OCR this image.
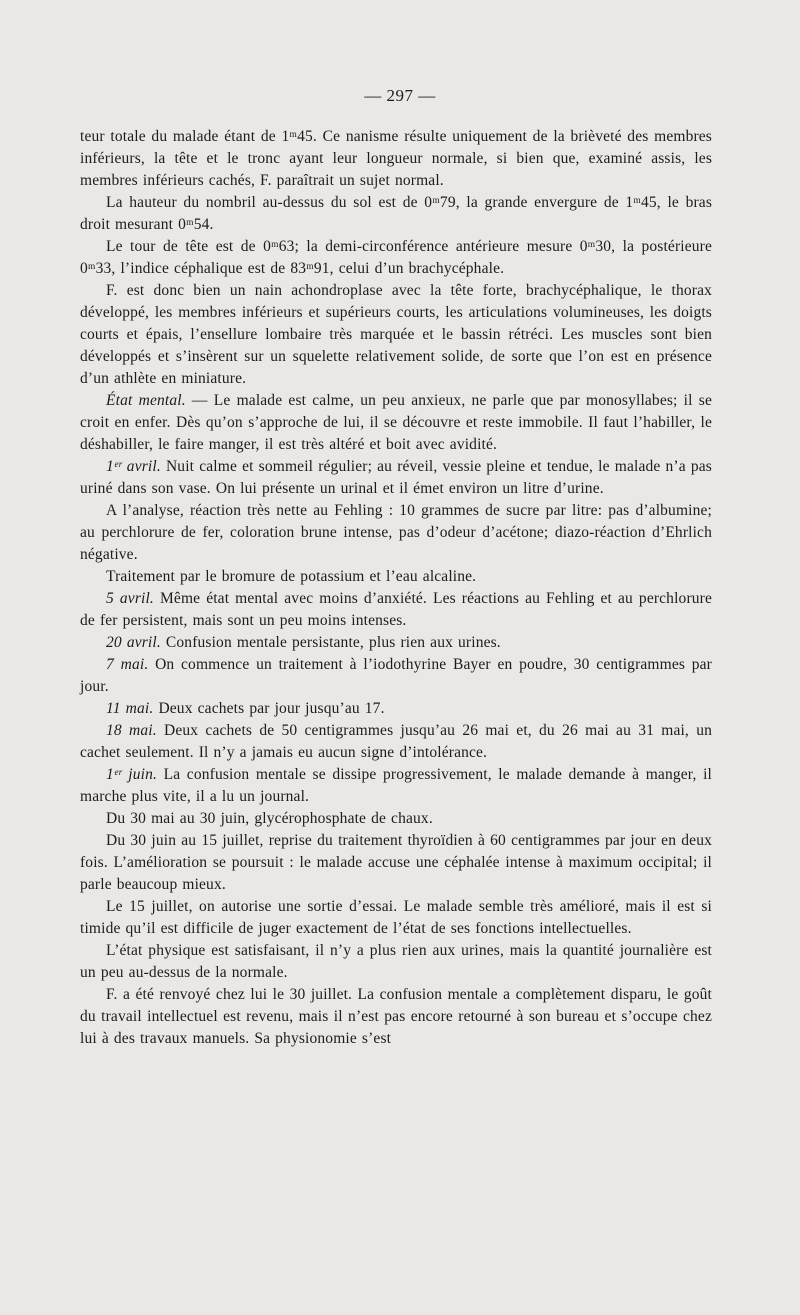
— 297 —

teur totale du malade étant de 1ᵐ45. Ce nanisme résulte uniquement de la brièveté des membres inférieurs, la tête et le tronc ayant leur longueur normale, si bien que, examiné assis, les membres inférieurs cachés, F. paraîtrait un sujet normal.

La hauteur du nombril au-dessus du sol est de 0ᵐ79, la grande envergure de 1ᵐ45, le bras droit mesurant 0ᵐ54.

Le tour de tête est de 0ᵐ63; la demi-circonférence antérieure mesure 0ᵐ30, la postérieure 0ᵐ33, l’indice céphalique est de 83ᵐ91, celui d’un brachycéphale.

F. est donc bien un nain achondroplase avec la tête forte, brachycéphalique, le thorax développé, les membres inférieurs et supérieurs courts, les articulations volumineuses, les doigts courts et épais, l’ensellure lombaire très marquée et le bassin rétréci. Les muscles sont bien développés et s’insèrent sur un squelette relativement solide, de sorte que l’on est en présence d’un athlète en miniature.

État mental. — Le malade est calme, un peu anxieux, ne parle que par monosyllabes; il se croit en enfer. Dès qu’on s’approche de lui, il se découvre et reste immobile. Il faut l’habiller, le déshabiller, le faire manger, il est très altéré et boit avec avidité.

1ᵉʳ avril. Nuit calme et sommeil régulier; au réveil, vessie pleine et tendue, le malade n’a pas uriné dans son vase. On lui présente un urinal et il émet environ un litre d’urine.

A l’analyse, réaction très nette au Fehling : 10 grammes de sucre par litre: pas d’albumine; au perchlorure de fer, coloration brune intense, pas d’odeur d’acétone; diazo-réaction d’Ehrlich négative.

Traitement par le bromure de potassium et l’eau alcaline.

5 avril. Même état mental avec moins d’anxiété. Les réactions au Fehling et au perchlorure de fer persistent, mais sont un peu moins intenses.

20 avril. Confusion mentale persistante, plus rien aux urines.

7 mai. On commence un traitement à l’iodothyrine Bayer en poudre, 30 centigrammes par jour.

11 mai. Deux cachets par jour jusqu’au 17.

18 mai. Deux cachets de 50 centigrammes jusqu’au 26 mai et, du 26 mai au 31 mai, un cachet seulement. Il n’y a jamais eu aucun signe d’intolérance.

1ᵉʳ juin. La confusion mentale se dissipe progressivement, le malade demande à manger, il marche plus vite, il a lu un journal.

Du 30 mai au 30 juin, glycérophosphate de chaux.

Du 30 juin au 15 juillet, reprise du traitement thyroïdien à 60 centigrammes par jour en deux fois. L’amélioration se poursuit : le malade accuse une céphalée intense à maximum occipital; il parle beaucoup mieux.

Le 15 juillet, on autorise une sortie d’essai. Le malade semble très amélioré, mais il est si timide qu’il est difficile de juger exactement de l’état de ses fonctions intellectuelles.

L’état physique est satisfaisant, il n’y a plus rien aux urines, mais la quantité journalière est un peu au-dessus de la normale.

F. a été renvoyé chez lui le 30 juillet. La confusion mentale a complètement disparu, le goût du travail intellectuel est revenu, mais il n’est pas encore retourné à son bureau et s’occupe chez lui à des travaux manuels. Sa physionomie s’est
